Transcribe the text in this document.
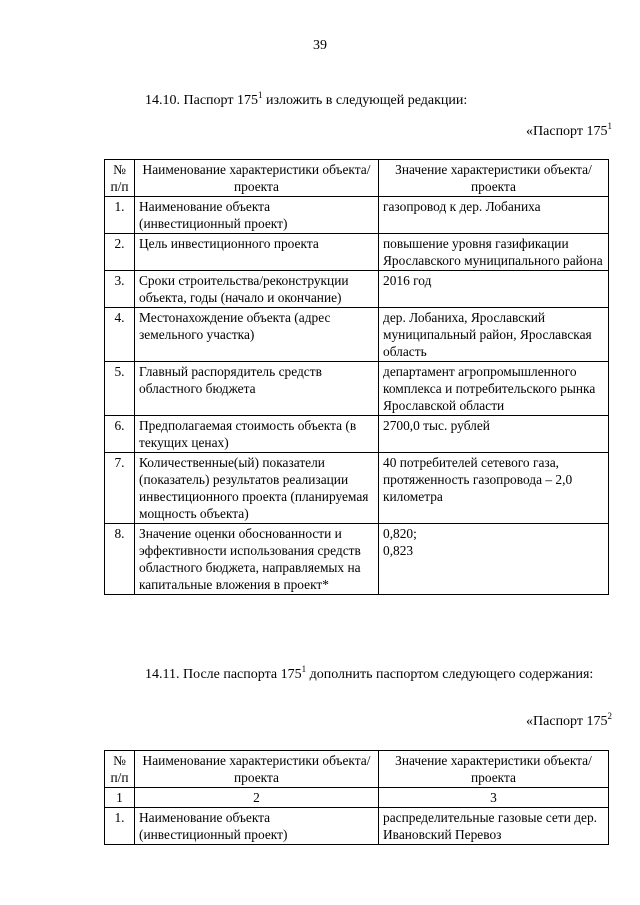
39
14.10. Паспорт $175^1$ изложить в следующей редакции:
«Паспорт $175^1$
№ п/п	Наименование характеристики объекта/проекта	Значение характеристики объекта/проекта
1.	Наименование объекта (инвестиционный проект)	газопровод к дер. Лобаниха
2.	Цель инвестиционного проекта	повышение уровня газификации Ярославского муниципального района
3.	Сроки строительства/реконструкции объекта, годы (начало и окончание)	2016 год
4.	Местонахождение объекта (адрес земельного участка)	дер. Лобаниха, Ярославский муниципальный район, Ярославская область
5.	Главный распорядитель средств областного бюджета	департамент агропромышленного комплекса и потребительского рынка Ярославской области
6.	Предполагаемая стоимость объекта (в текущих ценах)	2700,0 тыс. рублей
7.	Количественные(ый) показатели (показатель) результатов реализации инвестиционного проекта (планируемая мощность объекта)	40 потребителей сетевого газа, протяженность газопровода – 2,0 километра
8.	Значение оценки обоснованности и эффективности использования средств областного бюджета, направляемых на капитальные вложения в проект*	0,820;
0,823
14.11. После паспорта $175^1$ дополнить паспортом следующего содержания:
«Паспорт $175^2$
№ п/п	Наименование характеристики объекта/проекта	Значение характеристики объекта/проекта
1	2	3
1.	Наименование объекта (инвестиционный проект)	распределительные газовые сети дер. Ивановский Перевоз
